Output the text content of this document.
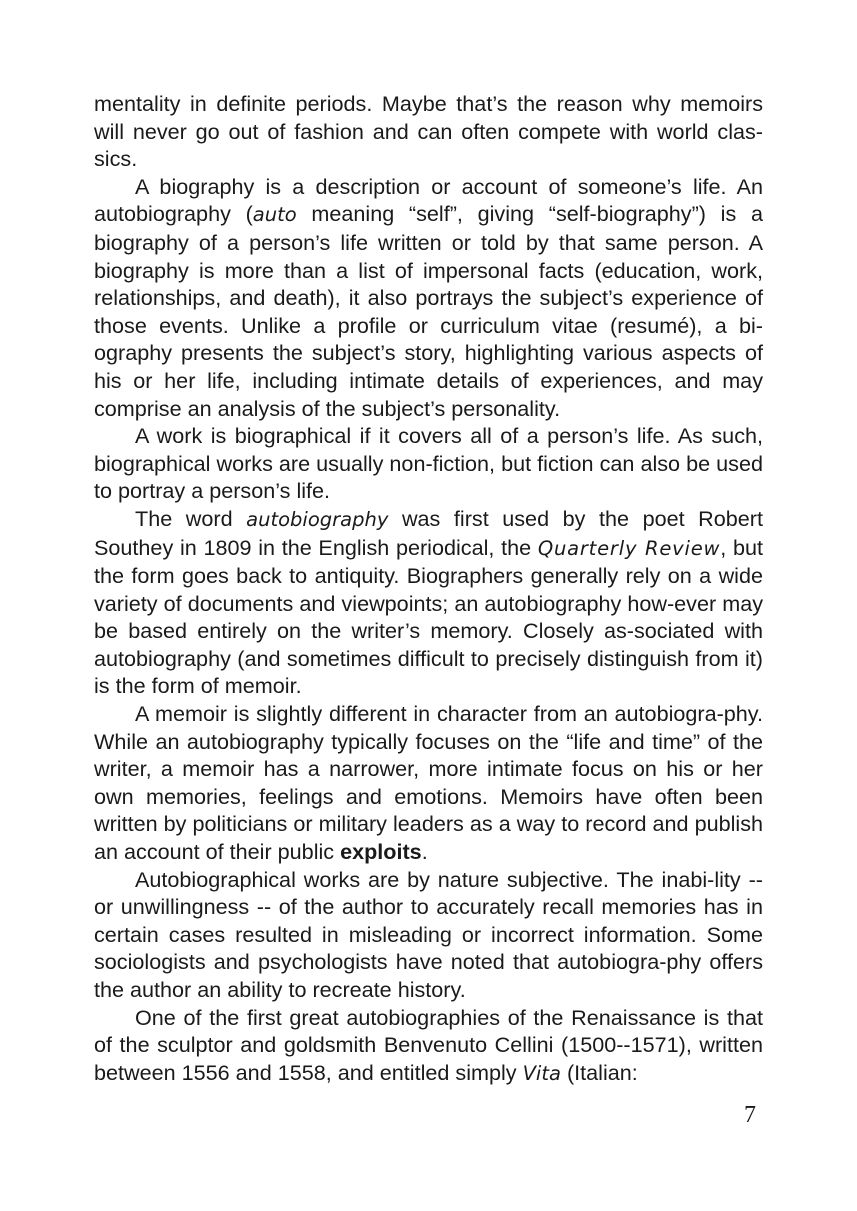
mentality in definite periods. Maybe that’s the reason why memoirs will never go out of fashion and can often compete with world clas-sics.

A biography is a description or account of someone’s life. An autobiography (auto meaning “self”, giving “self-biography”) is a biography of a person’s life written or told by that same person. A biography is more than a list of impersonal facts (education, work, relationships, and death), it also portrays the subject’s experience of those events. Unlike a profile or curriculum vitae (resumé), a bi-ography presents the subject’s story, highlighting various aspects of his or her life, including intimate details of experiences, and may comprise an analysis of the subject’s personality.

A work is biographical if it covers all of a person’s life. As such, biographical works are usually non-fiction, but fiction can also be used to portray a person’s life.

The word autobiography was first used by the poet Robert Southey in 1809 in the English periodical, the Quarterly Review, but the form goes back to antiquity. Biographers generally rely on a wide variety of documents and viewpoints; an autobiography how-ever may be based entirely on the writer’s memory. Closely as-sociated with autobiography (and sometimes difficult to precisely distinguish from it) is the form of memoir.

A memoir is slightly different in character from an autobiogra-phy. While an autobiography typically focuses on the “life and time” of the writer, a memoir has a narrower, more intimate focus on his or her own memories, feelings and emotions. Memoirs have often been written by politicians or military leaders as a way to record and publish an account of their public exploits.

Autobiographical works are by nature subjective. The inabi-lity -- or unwillingness -- of the author to accurately recall memories has in certain cases resulted in misleading or incorrect information. Some sociologists and psychologists have noted that autobiogra-phy offers the author an ability to recreate history.

One of the first great autobiographies of the Renaissance is that of the sculptor and goldsmith Benvenuto Cellini (1500--1571), written between 1556 and 1558, and entitled simply Vita (Italian:

7
